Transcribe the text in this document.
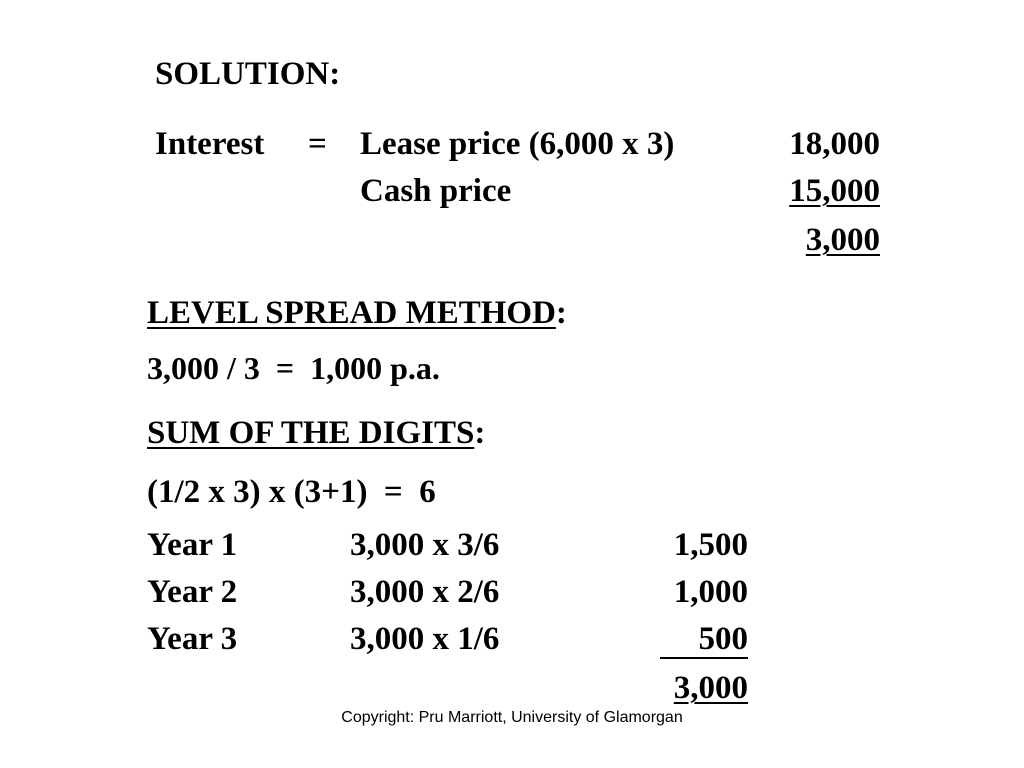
SOLUTION:
Interest = Lease price (6,000 x 3)	18,000
Cash price	15,000
3,000
LEVEL SPREAD METHOD:
3,000 / 3  =  1,000 p.a.
SUM OF THE DIGITS:
(1/2 x 3) x (3+1)  =  6
Year 1	3,000 x 3/6	1,500
Year 2	3,000 x 2/6	1,000
Year 3	3,000 x 1/6	500
3,000
Copyright: Pru Marriott, University of Glamorgan
